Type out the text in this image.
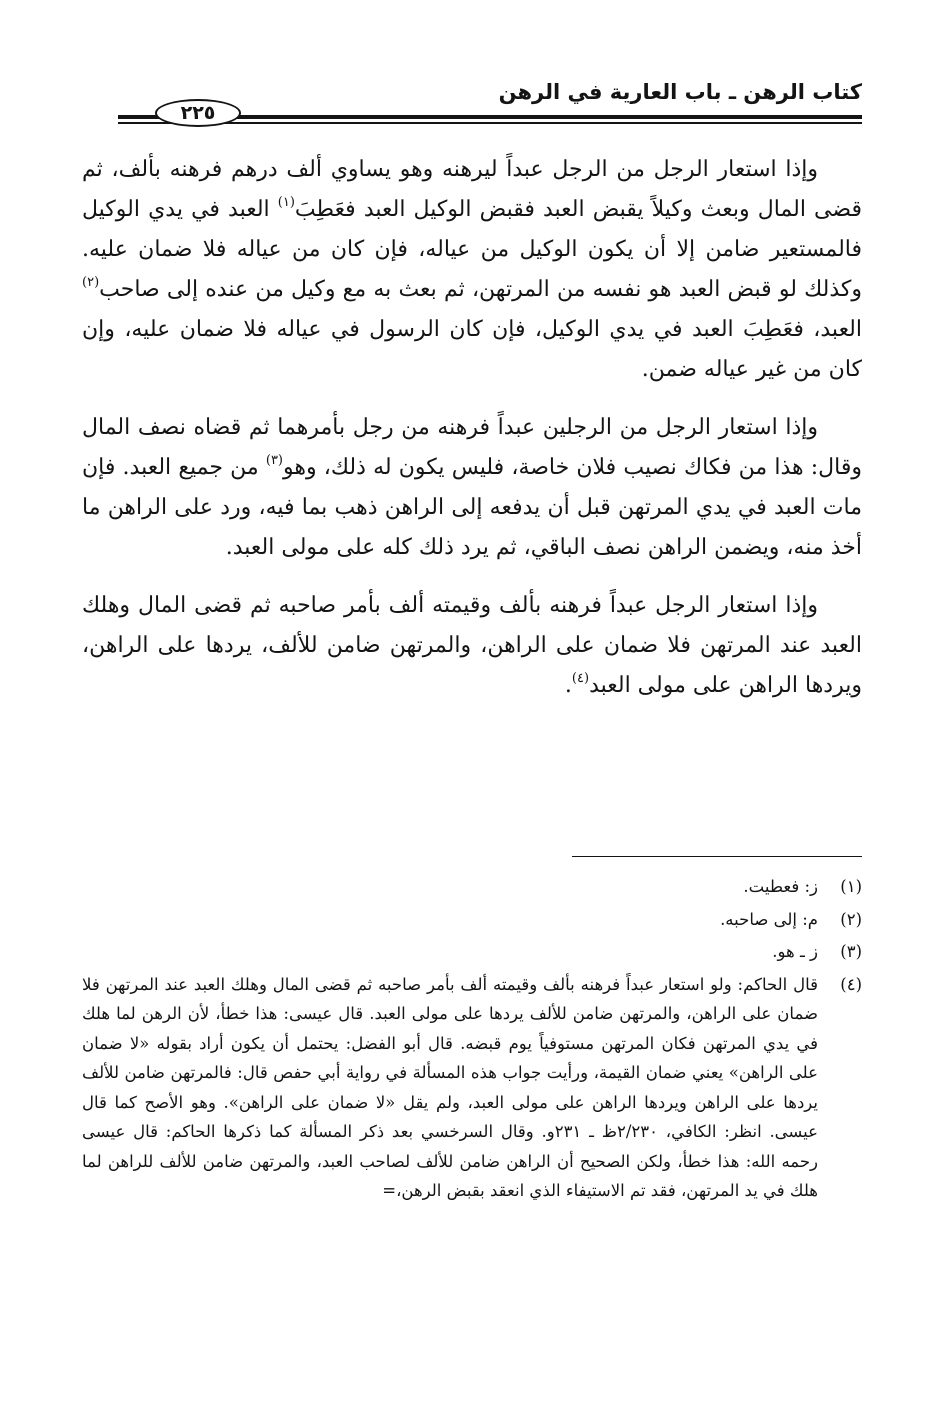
كتاب الرهن ـ باب العارية في الرهن
٢٢٥

وإذا استعار الرجل من الرجل عبداً ليرهنه وهو يساوي ألف درهم فرهنه بألف، ثم قضى المال وبعث وكيلاً يقبض العبد فقبض الوكيل العبد فعَطِبَ$^{(١)}$ العبد في يدي الوكيل فالمستعير ضامن إلا أن يكون الوكيل من عياله، فإن كان من عياله فلا ضمان عليه. وكذلك لو قبض العبد هو نفسه من المرتهن، ثم بعث به مع وكيل من عنده إلى صاحب$^{(٢)}$ العبد، فعَطِبَ العبد في يدي الوكيل، فإن كان الرسول في عياله فلا ضمان عليه، وإن كان من غير عياله ضمن.

وإذا استعار الرجل من الرجلين عبداً فرهنه من رجل بأمرهما ثم قضاه نصف المال وقال: هذا من فكاك نصيب فلان خاصة، فليس يكون له ذلك، وهو$^{(٣)}$ من جميع العبد. فإن مات العبد في يدي المرتهن قبل أن يدفعه إلى الراهن ذهب بما فيه، ورد على الراهن ما أخذ منه، ويضمن الراهن نصف الباقي، ثم يرد ذلك كله على مولى العبد.

وإذا استعار الرجل عبداً فرهنه بألف وقيمته ألف بأمر صاحبه ثم قضى المال وهلك العبد عند المرتهن فلا ضمان على الراهن، والمرتهن ضامن للألف، يردها على الراهن، ويردها الراهن على مولى العبد$^{(٤)}$.

(١)
ز: فعطيت.
(٢)
م: إلى صاحبه.
(٣)
ز ـ هو.
(٤)
قال الحاكم: ولو استعار عبداً فرهنه بألف وقيمته ألف بأمر صاحبه ثم قضى المال وهلك العبد عند المرتهن فلا ضمان على الراهن، والمرتهن ضامن للألف يردها على مولى العبد. قال عيسى: هذا خطأ، لأن الرهن لما هلك في يدي المرتهن فكان المرتهن مستوفياً يوم قبضه. قال أبو الفضل: يحتمل أن يكون أراد بقوله «لا ضمان على الراهن» يعني ضمان القيمة، ورأيت جواب هذه المسألة في رواية أبي حفص قال: فالمرتهن ضامن للألف يردها على الراهن ويردها الراهن على مولى العبد، ولم يقل «لا ضمان على الراهن». وهو الأصح كما قال عيسى. انظر: الكافي، ٢/٢٣٠ظ ـ ٢٣١و. وقال السرخسي بعد ذكر المسألة كما ذكرها الحاكم: قال عيسى رحمه الله: هذا خطأ، ولكن الصحيح أن الراهن ضامن للألف لصاحب العبد، والمرتهن ضامن للألف للراهن لما هلك في يد المرتهن، فقد تم الاستيفاء الذي انعقد بقبض الرهن،=
